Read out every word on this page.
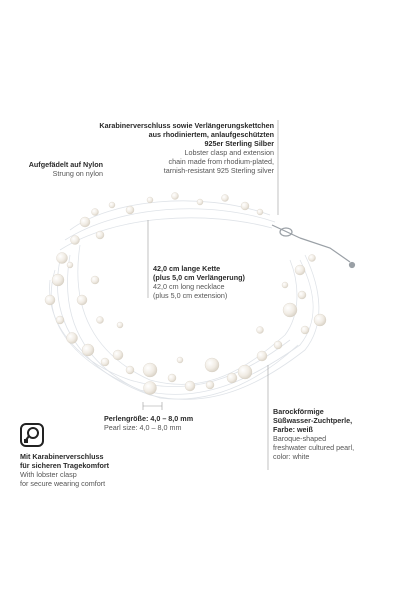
Karabinerverschluss sowie Verlängerungskettchen
aus rhodiniertem, anlaufgeschützten
925er Sterling Silber
Lobster clasp and extension
chain made from rhodium-plated,
tarnish-resistant 925 Sterling silver
Aufgefädelt auf Nylon
Strung on nylon
42,0 cm lange Kette
(plus 5,0 cm Verlängerung)
42,0 cm long necklace
(plus 5,0 cm extension)
Perlengröße: 4,0 – 8,0 mm
Pearl size: 4,0 – 8,0 mm
Barockförmige
Süßwasser-Zuchtperle,
Farbe: weiß
Baroque-shaped
freshwater cultured pearl,
color: white
Mit Karabinerverschluss
für sicheren Tragekomfort
With lobster clasp
for secure wearing comfort
